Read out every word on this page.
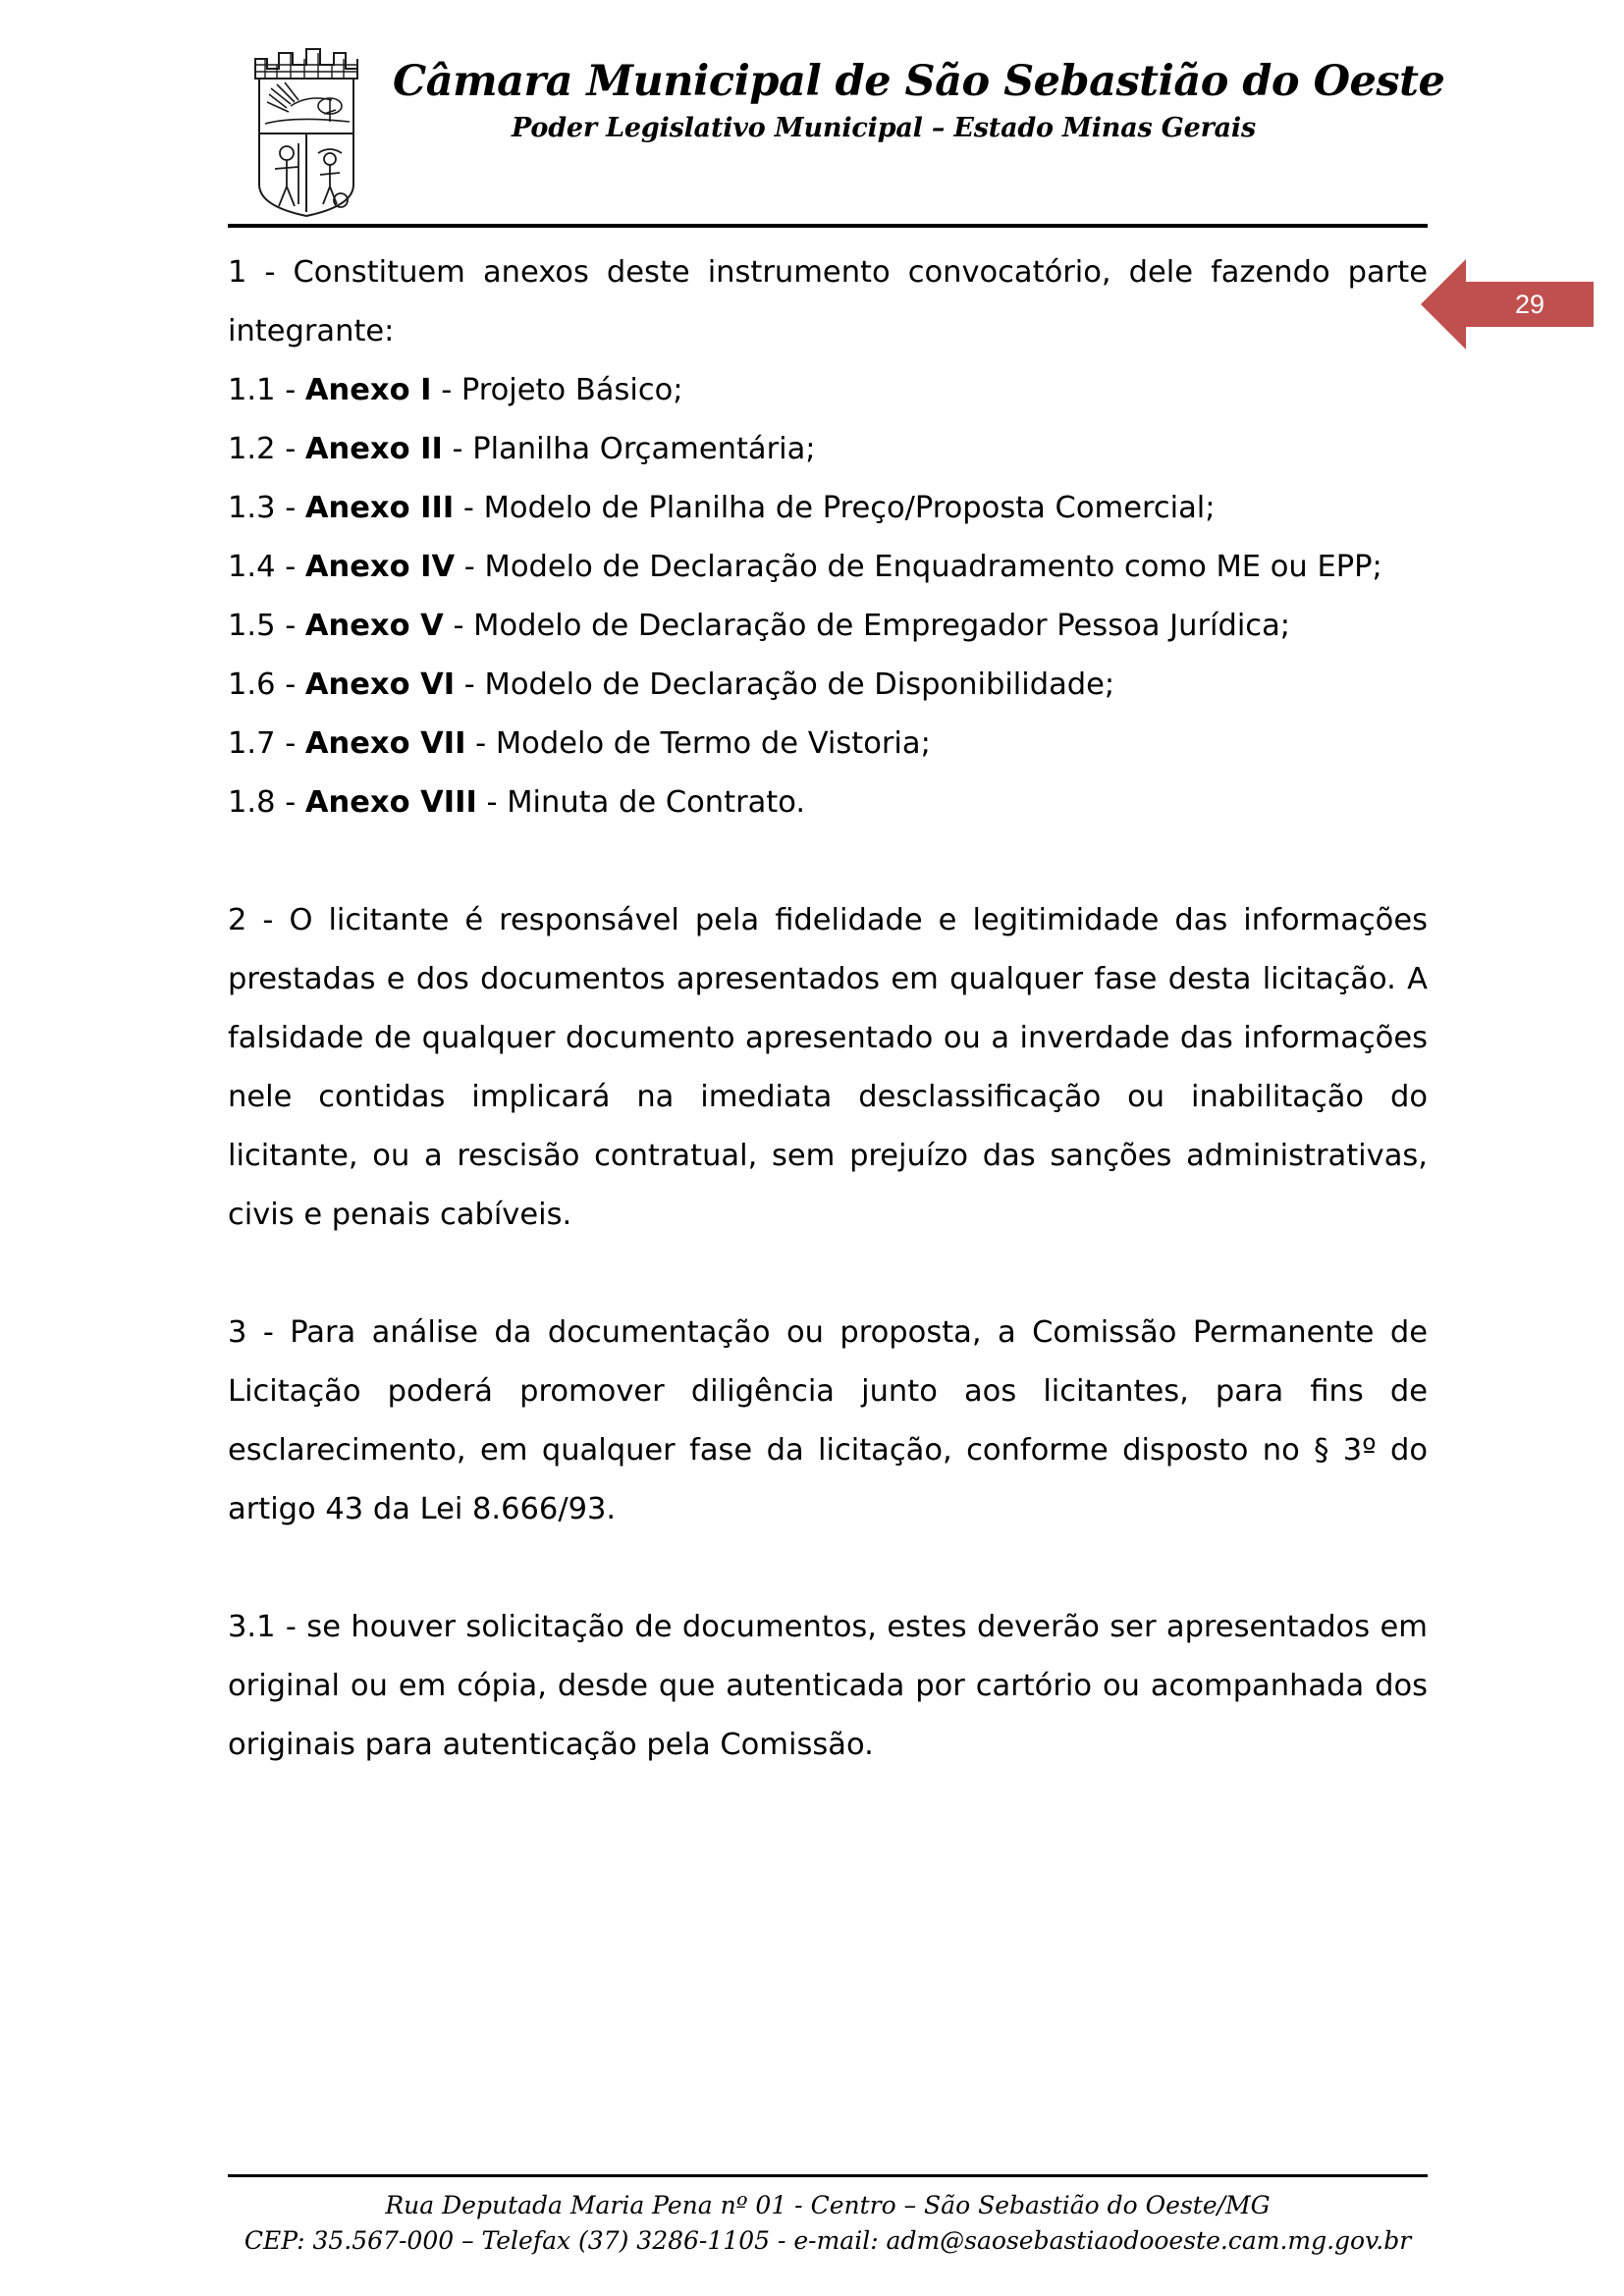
Câmara Municipal de São Sebastião do Oeste
Poder Legislativo Municipal – Estado Minas Gerais
29

1 - Constituem anexos deste instrumento convocatório, dele fazendo parte integrante:

1.1 - Anexo I - Projeto Básico;

1.2 - Anexo II - Planilha Orçamentária;

1.3 - Anexo III - Modelo de Planilha de Preço/Proposta Comercial;

1.4 - Anexo IV - Modelo de Declaração de Enquadramento como ME ou EPP;

1.5 - Anexo V - Modelo de Declaração de Empregador Pessoa Jurídica;

1.6 - Anexo VI - Modelo de Declaração de Disponibilidade;

1.7 - Anexo VII - Modelo de Termo de Vistoria;

1.8 - Anexo VIII - Minuta de Contrato.

2 - O licitante é responsável pela fidelidade e legitimidade das informações prestadas e dos documentos apresentados em qualquer fase desta licitação. A falsidade de qualquer documento apresentado ou a inverdade das informações nele contidas implicará na imediata desclassificação ou inabilitação do licitante, ou a rescisão contratual, sem prejuízo das sanções administrativas, civis e penais cabíveis.

3 - Para análise da documentação ou proposta, a Comissão Permanente de Licitação poderá promover diligência junto aos licitantes, para fins de esclarecimento, em qualquer fase da licitação, conforme disposto no § 3º do artigo 43 da Lei 8.666/93.

3.1 - se houver solicitação de documentos, estes deverão ser apresentados em original ou em cópia, desde que autenticada por cartório ou acompanhada dos originais para autenticação pela Comissão.

Rua Deputada Maria Pena nº 01 - Centro – São Sebastião do Oeste/MG
CEP: 35.567-000 – Telefax (37) 3286-1105 - e-mail: adm@saosebastiaodooeste.cam.mg.gov.br
